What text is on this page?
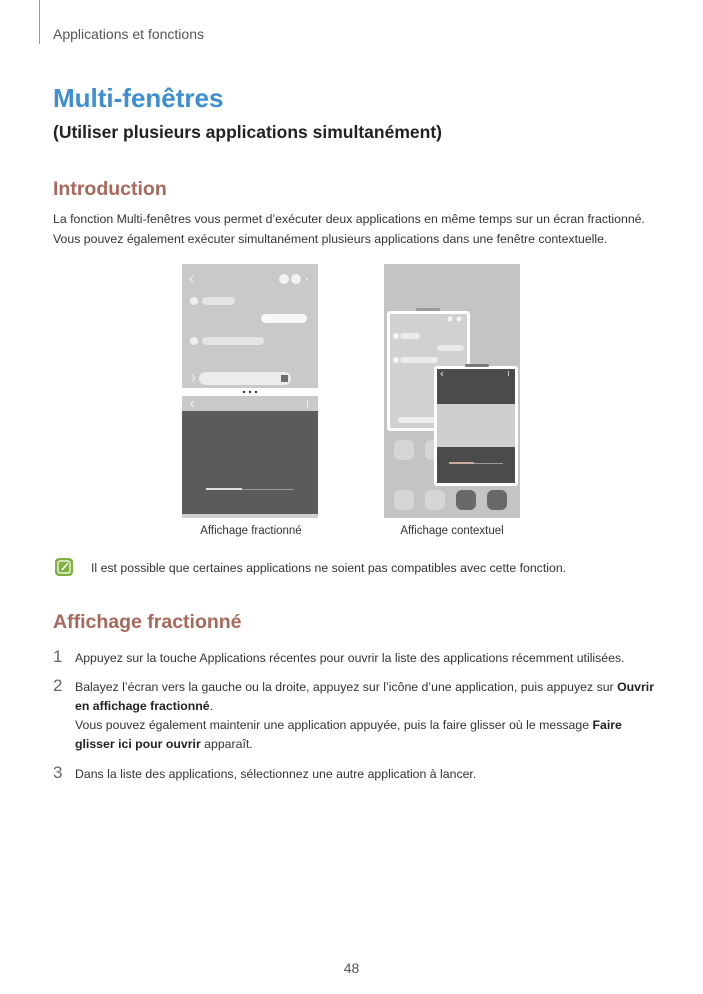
Applications et fonctions
Multi-fenêtres
(Utiliser plusieurs applications simultanément)
Introduction
La fonction Multi-fenêtres vous permet d’exécuter deux applications en même temps sur un écran fractionné.
Vous pouvez également exécuter simultanément plusieurs applications dans une fenêtre contextuelle.
Affichage fractionné	Affichage contextuel
Il est possible que certaines applications ne soient pas compatibles avec cette fonction.
Affichage fractionné
1 Appuyez sur la touche Applications récentes pour ouvrir la liste des applications récemment utilisées.
2 Balayez l’écran vers la gauche ou la droite, appuyez sur l’icône d’une application, puis appuyez sur Ouvrir en affichage fractionné.
Vous pouvez également maintenir une application appuyée, puis la faire glisser où le message Faire glisser ici pour ouvrir apparaît.
3 Dans la liste des applications, sélectionnez une autre application à lancer.
48
